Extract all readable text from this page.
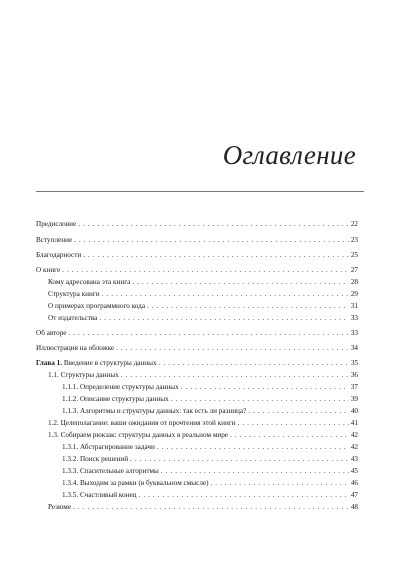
Оглавление
Предисловие . . .	22
Вступление . . .	23
Благодарности . . .	25
О книге . . .	27
Кому адресована эта книга . . .	28
Структура книги . . .	29
О примерах программного кода . . .	31
От издательства . . .	33
Об авторе . . .	33
Иллюстрация на обложке . . .	34
Глава 1. Введение в структуры данных . . .	35
1.1. Структуры данных . . .	36
1.1.1. Определение структуры данных . . .	37
1.1.2. Описание структуры данных . . .	39
1.1.3. Алгоритмы и структуры данных: так есть ли разница? . . .	40
1.2. Целеполагание: ваши ожидания от прочтения этой книги . . .	41
1.3. Собираем рюкзак: структуры данных в реальном мире . . .	42
1.3.1. Абстрагирование задачи . . .	42
1.3.2. Поиск решений . . .	43
1.3.3. Спасительные алгоритмы . . .	45
1.3.4. Выходим за рамки (в буквальном смысле) . . .	46
1.3.5. Счастливый конец . . .	47
Резюме . . .	48
